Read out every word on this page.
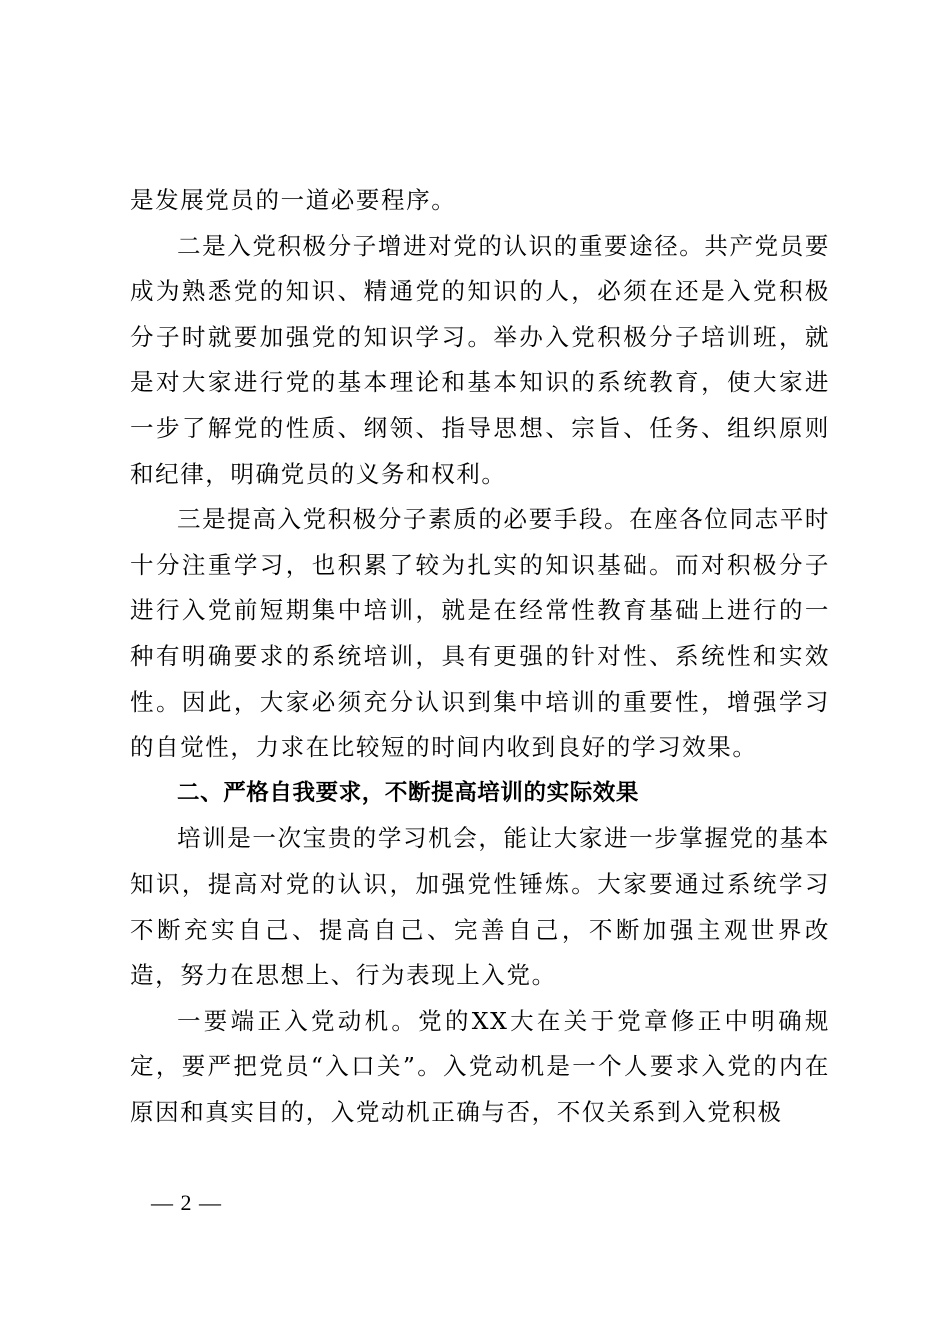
是发展党员的一道必要程序。

二是入党积极分子增进对党的认识的重要途径。共产党员要成为熟悉党的知识、精通党的知识的人，必须在还是入党积极分子时就要加强党的知识学习。举办入党积极分子培训班，就是对大家进行党的基本理论和基本知识的系统教育，使大家进一步了解党的性质、纲领、指导思想、宗旨、任务、组织原则和纪律，明确党员的义务和权利。

三是提高入党积极分子素质的必要手段。在座各位同志平时十分注重学习，也积累了较为扎实的知识基础。而对积极分子进行入党前短期集中培训，就是在经常性教育基础上进行的一种有明确要求的系统培训，具有更强的针对性、系统性和实效性。因此，大家必须充分认识到集中培训的重要性，增强学习的自觉性，力求在比较短的时间内收到良好的学习效果。

二、严格自我要求，不断提高培训的实际效果

培训是一次宝贵的学习机会，能让大家进一步掌握党的基本知识，提高对党的认识，加强党性锤炼。大家要通过系统学习不断充实自己、提高自己、完善自己，不断加强主观世界改造，努力在思想上、行为表现上入党。

一要端正入党动机。党的XX大在关于党章修正中明确规定，要严把党员“入口关”。入党动机是一个人要求入党的内在原因和真实目的，入党动机正确与否，不仅关系到入党积极

— 2 —
